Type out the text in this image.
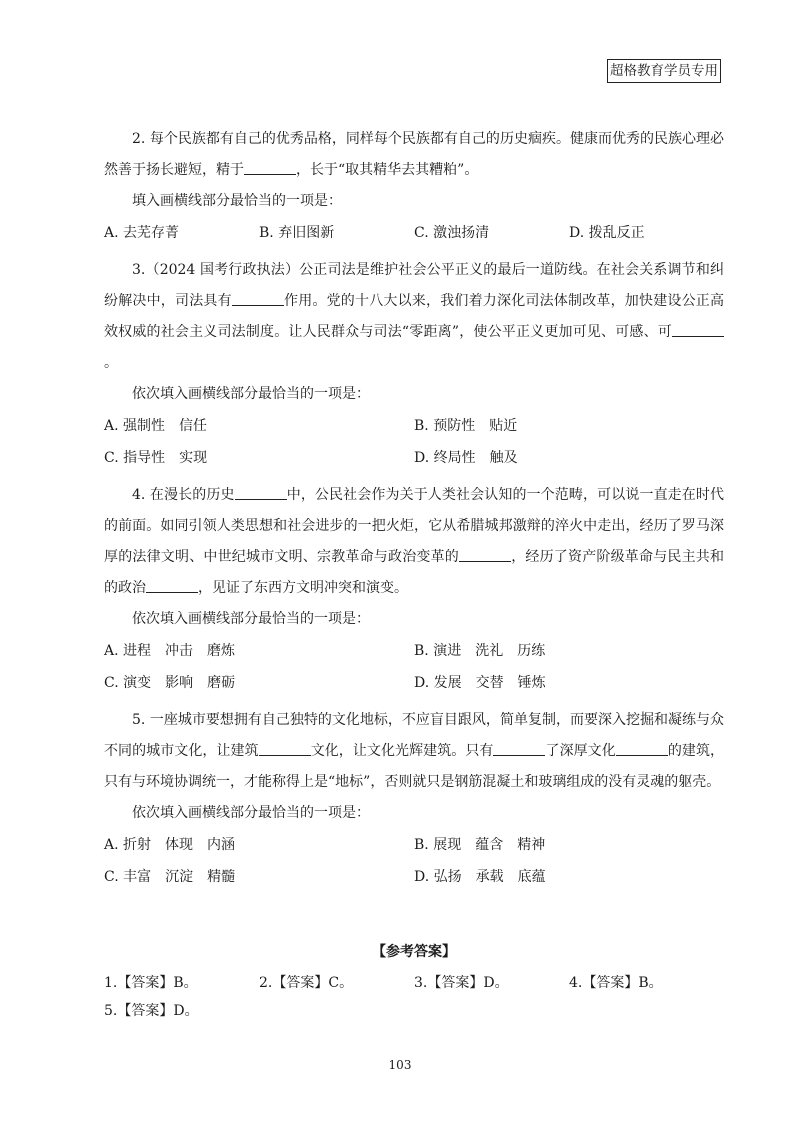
超格教育学员专用

2. 每个民族都有自己的优秀品格，同样每个民族都有自己的历史痼疾。健康而优秀的民族心理必然善于扬长避短，精于	，长于“取其精华去其糟粕”。

填入画横线部分最恰当的一项是：

A. 去芜存菁	B. 弃旧图新	C. 激浊扬清	D. 拨乱反正

3.（2024 国考行政执法）公正司法是维护社会公平正义的最后一道防线。在社会关系调节和纠纷解决中，司法具有	作用。党的十八大以来，我们着力深化司法体制改革，加快建设公正高效权威的社会主义司法制度。让人民群众与司法“零距离”，使公平正义更加可见、可感、可。

依次填入画横线部分最恰当的一项是：

A. 强制性　信任	B. 预防性　贴近
C. 指导性　实现	D. 终局性　触及

4. 在漫长的历史	中，公民社会作为关于人类社会认知的一个范畴，可以说一直走在时代的前面。如同引领人类思想和社会进步的一把火炬，它从希腊城邦激辩的淬火中走出，经历了罗马深厚的法律文明、中世纪城市文明、宗教革命与政治变革的	，经历了资产阶级革命与民主共和的政治	，见证了东西方文明冲突和演变。

依次填入画横线部分最恰当的一项是：

A. 进程　冲击　磨炼	B. 演进　洗礼　历练
C. 演变　影响　磨砺	D. 发展　交替　锤炼

5. 一座城市要想拥有自己独特的文化地标，不应盲目跟风，简单复制，而要深入挖掘和凝练与众不同的城市文化，让建筑	文化，让文化光辉建筑。只有	了深厚文化	的建筑，只有与环境协调统一，才能称得上是“地标”，否则就只是钢筋混凝土和玻璃组成的没有灵魂的躯壳。

依次填入画横线部分最恰当的一项是：

A. 折射　体现　内涵	B. 展现　蕴含　精神
C. 丰富　沉淀　精髓	D. 弘扬　承载　底蕴
【参考答案】
1.【答案】B。	2.【答案】C。	3.【答案】D。	4.【答案】B。
5.【答案】D。
103
